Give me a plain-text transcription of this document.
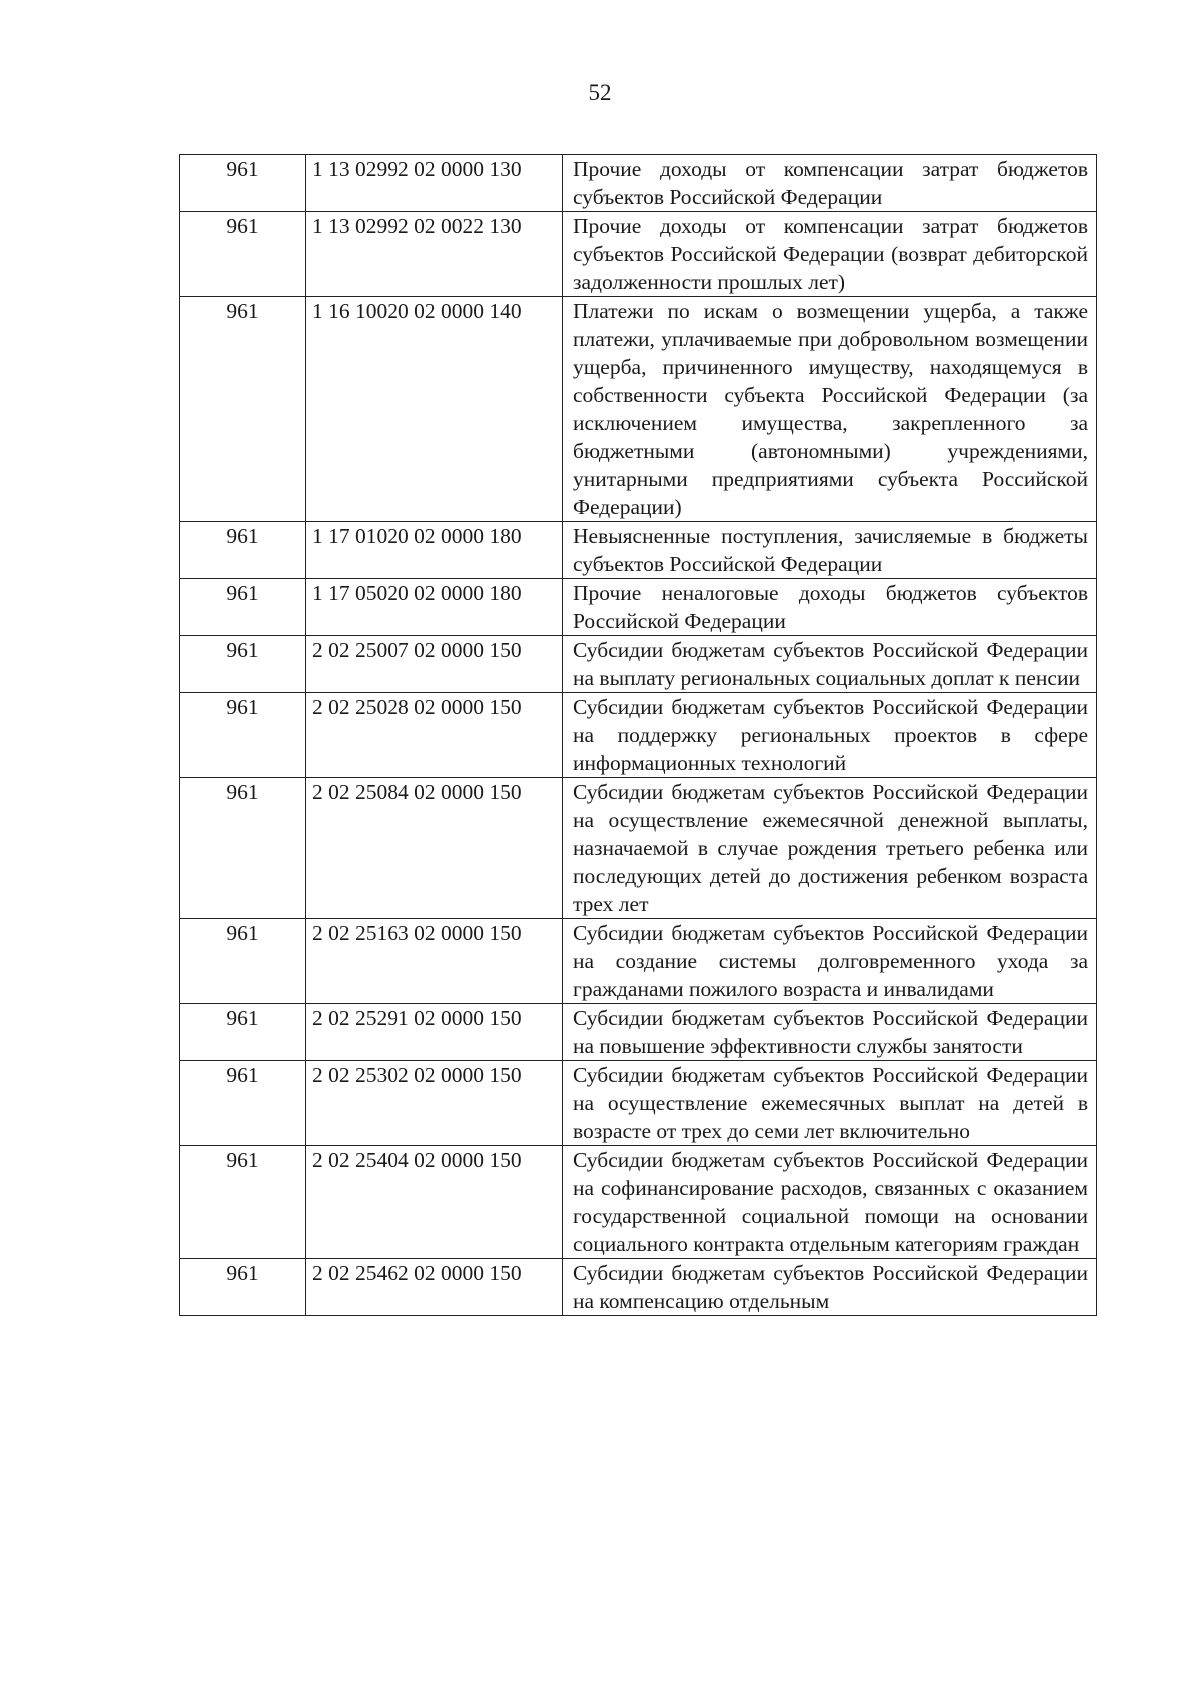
52
961	1 13 02992 02 0000 130	Прочие доходы от компенсации затрат бюджетов субъектов Российской Федерации
961	1 13 02992 02 0022 130	Прочие доходы от компенсации затрат бюджетов субъектов Российской Федерации (возврат дебиторской задолженности прошлых лет)
961	1 16 10020 02 0000 140	Платежи по искам о возмещении ущерба, а также платежи, уплачиваемые при добровольном возмещении ущерба, причиненного имуществу, находящемуся в собственности субъекта Российской Федерации (за исключением имущества, закрепленного за бюджетными (автономными) учреждениями, унитарными предприятиями субъекта Российской Федерации)
961	1 17 01020 02 0000 180	Невыясненные поступления, зачисляемые в бюджеты субъектов Российской Федерации
961	1 17 05020 02 0000 180	Прочие неналоговые доходы бюджетов субъектов Российской Федерации
961	2 02 25007 02 0000 150	Субсидии бюджетам субъектов Российской Федерации на выплату региональных социальных доплат к пенсии
961	2 02 25028 02 0000 150	Субсидии бюджетам субъектов Российской Федерации на поддержку региональных проектов в сфере информационных технологий
961	2 02 25084 02 0000 150	Субсидии бюджетам субъектов Российской Федерации на осуществление ежемесячной денежной выплаты, назначаемой в случае рождения третьего ребенка или последующих детей до достижения ребенком возраста трех лет
961	2 02 25163 02 0000 150	Субсидии бюджетам субъектов Российской Федерации на создание системы долговременного ухода за гражданами пожилого возраста и инвалидами
961	2 02 25291 02 0000 150	Субсидии бюджетам субъектов Российской Федерации на повышение эффективности службы занятости
961	2 02 25302 02 0000 150	Субсидии бюджетам субъектов Российской Федерации на осуществление ежемесячных выплат на детей в возрасте от трех до семи лет включительно
961	2 02 25404 02 0000 150	Субсидии бюджетам субъектов Российской Федерации на софинансирование расходов, связанных с оказанием государственной социальной помощи на основании социального контракта отдельным категориям граждан
961	2 02 25462 02 0000 150	Субсидии бюджетам субъектов Российской Федерации на компенсацию отдельным
